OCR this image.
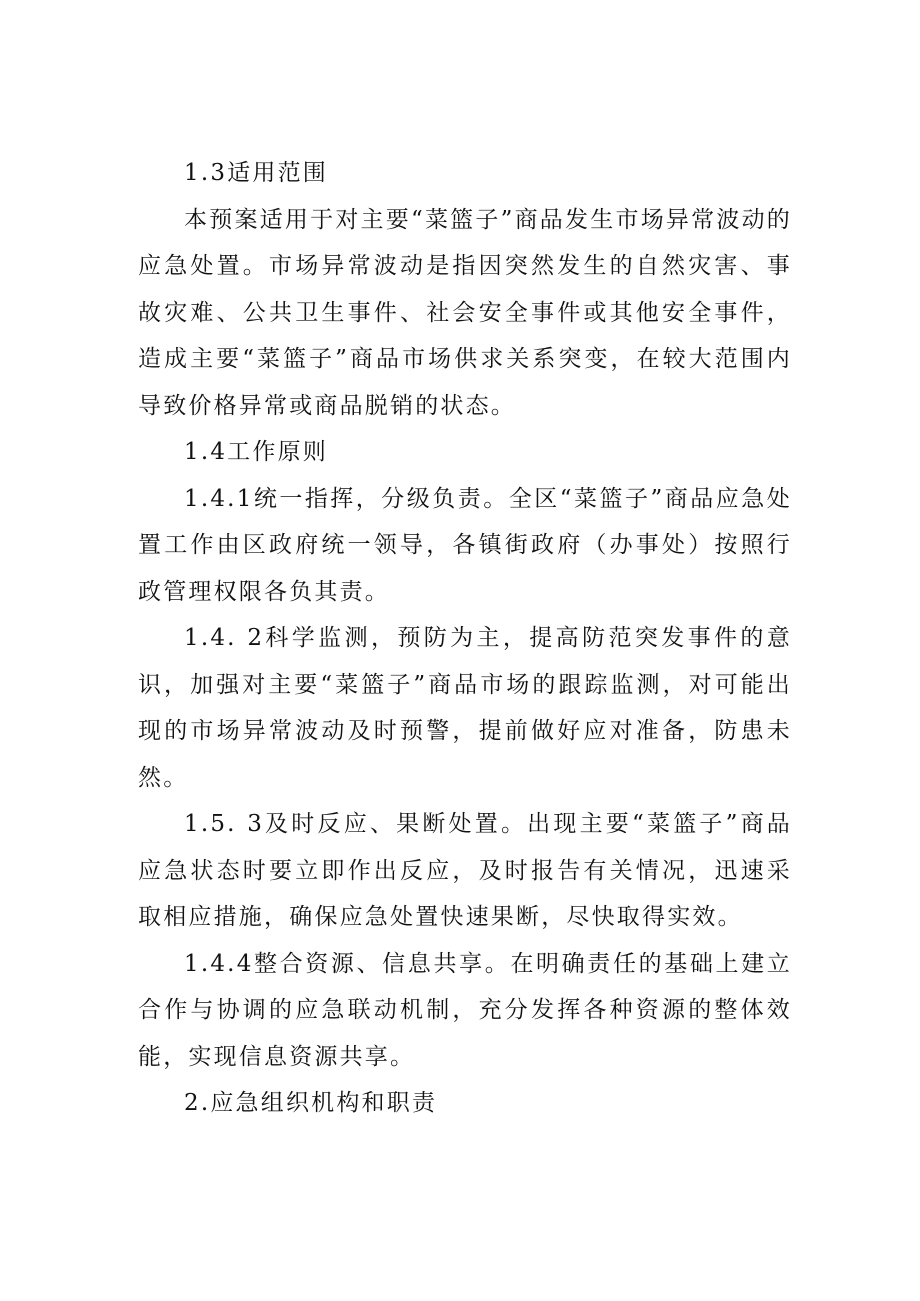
1.3适用范围

本预案适用于对主要“菜篮子”商品发生市场异常波动的应急处置。市场异常波动是指因突然发生的自然灾害、事故灾难、公共卫生事件、社会安全事件或其他安全事件，造成主要“菜篮子”商品市场供求关系突变，在较大范围内导致价格异常或商品脱销的状态。

1.4工作原则

1.4.1统一指挥，分级负责。全区“菜篮子”商品应急处置工作由区政府统一领导，各镇街政府（办事处）按照行政管理权限各负其责。

1.4. 2科学监测，预防为主，提高防范突发事件的意识，加强对主要“菜篮子”商品市场的跟踪监测，对可能出现的市场异常波动及时预警，提前做好应对准备，防患未然。

1.5. 3及时反应、果断处置。出现主要“菜篮子”商品应急状态时要立即作出反应，及时报告有关情况，迅速采取相应措施，确保应急处置快速果断，尽快取得实效。

1.4.4整合资源、信息共享。在明确责任的基础上建立合作与协调的应急联动机制，充分发挥各种资源的整体效能，实现信息资源共享。

2.应急组织机构和职责
